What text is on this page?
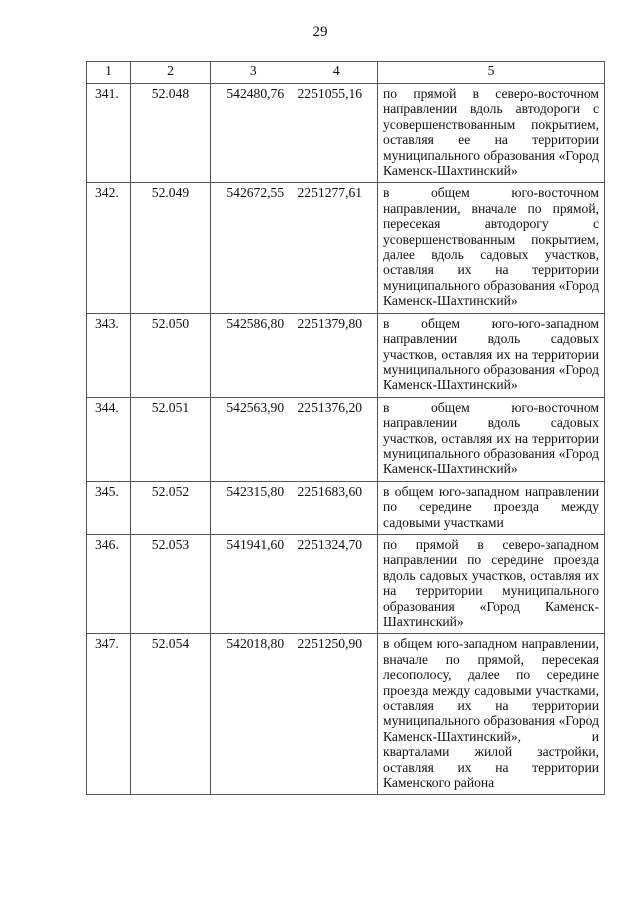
29
1	2	3	4	5
341.	52.048	542480,76	2251055,16	по прямой в северо-восточном направлении вдоль автодороги с усовершенствованным покрытием, оставляя ее на территории муниципального образования «Город Каменск-Шахтинский»
342.	52.049	542672,55	2251277,61	в общем юго-восточном направлении, вначале по прямой, пересекая автодорогу с усовершенствованным покрытием, далее вдоль садовых участков, оставляя их на территории муниципального образования «Город Каменск-Шахтинский»
343.	52.050	542586,80	2251379,80	в общем юго-юго-западном направлении вдоль садовых участков, оставляя их на территории муниципального образования «Город Каменск-Шахтинский»
344.	52.051	542563,90	2251376,20	в общем юго-восточном направлении вдоль садовых участков, оставляя их на территории муниципального образования «Город Каменск-Шахтинский»
345.	52.052	542315,80	2251683,60	в общем юго-западном направлении по середине проезда между садовыми участками
346.	52.053	541941,60	2251324,70	по прямой в северо-западном направлении по середине проезда вдоль садовых участков, оставляя их на территории муниципального образования «Город Каменск-Шахтинский»
347.	52.054	542018,80	2251250,90	в общем юго-западном направлении, вначале по прямой, пересекая лесополосу, далее по середине проезда между садовыми участками, оставляя их на территории муниципального образования «Город Каменск-Шахтинский», и кварталами жилой застройки, оставляя их на территории Каменского района
